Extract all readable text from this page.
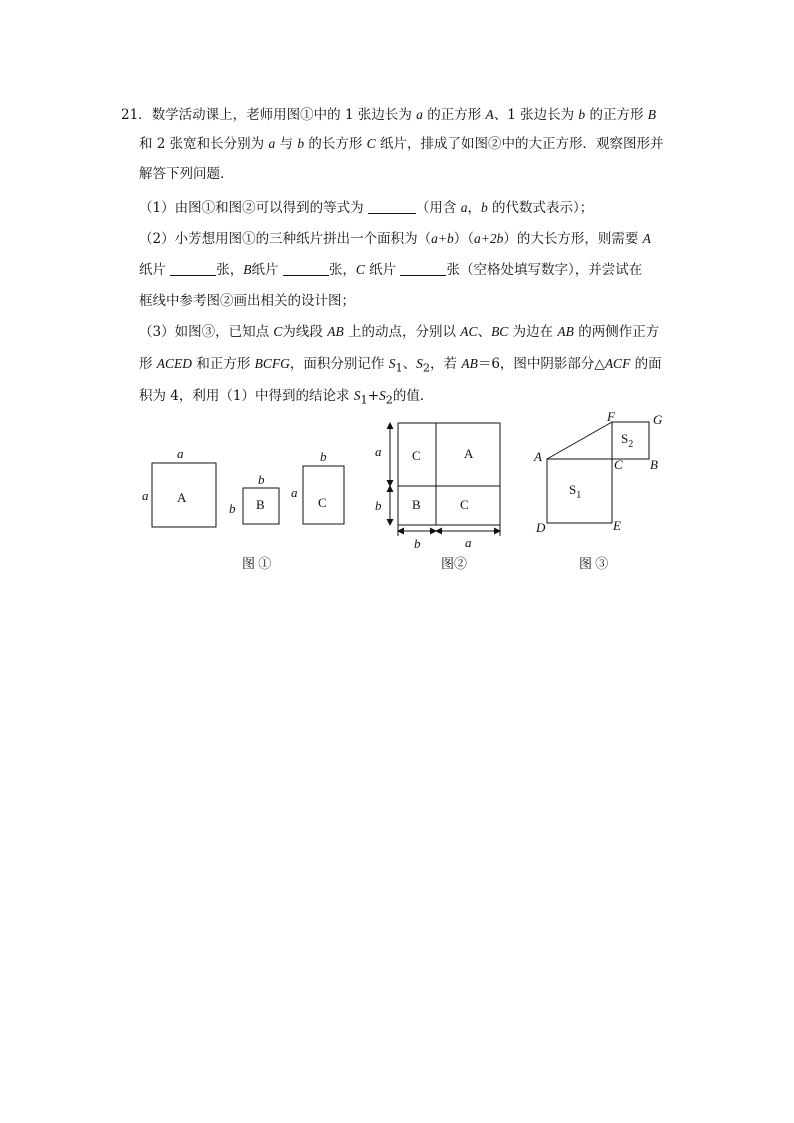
21．数学活动课上，老师用图①中的 1 张边长为 a 的正方形 A、1 张边长为 b 的正方形 B
和 2 张宽和长分别为 a 与 b 的长方形 C 纸片，排成了如图②中的大正方形．观察图形并
解答下列问题．
（1）由图①和图②可以得到的等式为	（用含 a，b 的代数式表示）；
（2）小芳想用图①的三种纸片拼出一个面积为（a+b）（a+2b）的大长方形，则需要 A
纸片	张，B纸片	张，C 纸片	张（空格处填写数字），并尝试在
框线中参考图②画出相关的设计图；
（3）如图③，已知点 C为线段 AB 上的动点，分别以 AC、BC 为边在 AB 的两侧作正方
形 ACED 和正方形 BCFG，面积分别记作 $S_1$、$S_2$，若 AB＝6，图中阴影部分△ACF 的面
积为 4，利用（1）中得到的结论求 $S_1+S_2$的值．
a
a A
b
b B
b
a
C
图 ①
C	A
B	C
a
b
b	a
图②
F	G
A
C B
D	E
$S_2$
$S_1$
图 ③
